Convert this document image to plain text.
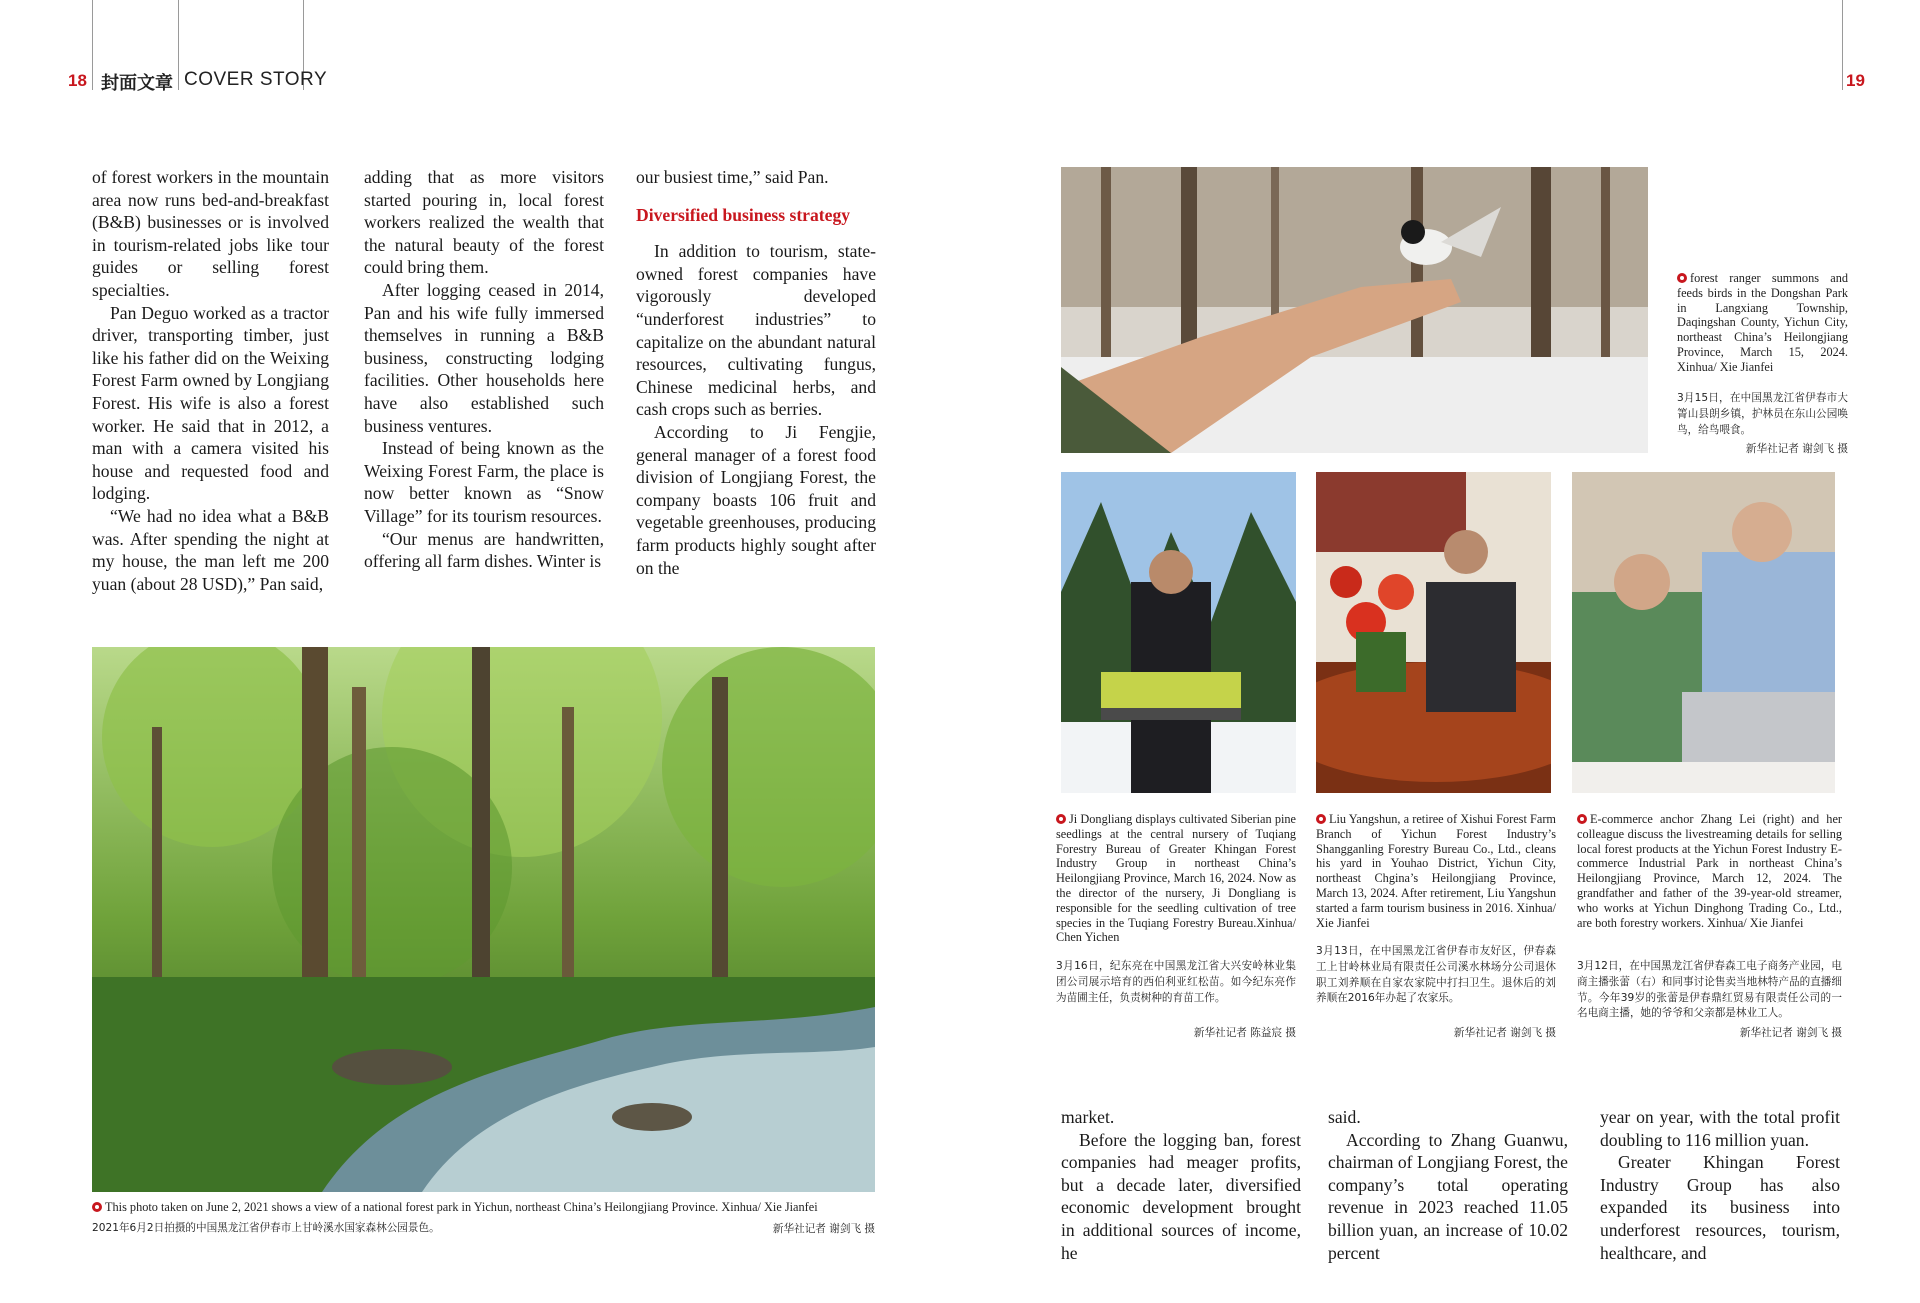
18 封面文章 COVER STORY	19

of forest workers in the mountain area now runs bed-and-breakfast (B&B) businesses or is involved in tourism-related jobs like tour guides or selling forest specialties.

Pan Deguo worked as a tractor driver, transporting timber, just like his father did on the Weixing Forest Farm owned by Longjiang Forest. His wife is also a forest worker. He said that in 2012, a man with a camera visited his house and requested food and lodging.

“We had no idea what a B&B was. After spending the night at my house, the man left me 200 yuan (about 28 USD),” Pan said,

adding that as more visitors started pouring in, local forest workers realized the wealth that the natural beauty of the forest could bring them.

After logging ceased in 2014, Pan and his wife fully immersed themselves in running a B&B business, constructing lodging facilities. Other households here have also established such business ventures.

Instead of being known as the Weixing Forest Farm, the place is now better known as “Snow Village” for its tourism resources.

“Our menus are handwritten, offering all farm dishes. Winter is

our busiest time,” said Pan.

Diversified business strategy

In addition to tourism, state-owned forest companies have vigorously developed “underforest industries” to capitalize on the abundant natural resources, cultivating fungus, Chinese medicinal herbs, and cash crops such as berries.

According to Ji Fengjie, general manager of a forest food division of Longjiang Forest, the company boasts 106 fruit and vegetable greenhouses, producing farm products highly sought after on the

This photo taken on June 2, 2021 shows a view of a national forest park in Yichun, northeast China’s Heilongjiang Province. Xinhua/ Xie Jianfei
2021年6月2日拍摄的中国黑龙江省伊春市上甘岭溪水国家森林公园景色。	新华社记者 谢剑飞 摄
forest ranger summons and feeds birds in the Dongshan Park in Langxiang Township, Daqingshan County, Yichun City, northeast China’s Heilongjiang Province, March 15, 2024. Xinhua/ Xie Jianfei
3月15日，在中国黑龙江省伊春市大箐山县朗乡镇，护林员在东山公园唤鸟，给鸟喂食。
新华社记者 谢剑飞 摄
Ji Dongliang displays cultivated Siberian pine seedlings at the central nursery of Tuqiang Forestry Bureau of Greater Khingan Forest Industry Group in northeast China’s Heilongjiang Province, March 16, 2024. Now as the director of the nursery, Ji Dongliang is responsible for the seedling cultivation of tree species in the Tuqiang Forestry Bureau.Xinhua/ Chen Yichen
3月16日，纪东亮在中国黑龙江省大兴安岭林业集团公司展示培育的西伯利亚红松苗。如今纪东亮作为苗圃主任，负责树种的育苗工作。
新华社记者 陈益宸 摄
Liu Yangshun, a retiree of Xishui Forest Farm Branch of Yichun Forest Industry’s Shangganling Forestry Bureau Co., Ltd., cleans his yard in Youhao District, Yichun City, northeast Chgina’s Heilongjiang Province, March 13, 2024. After retirement, Liu Yangshun started a farm tourism business in 2016. Xinhua/ Xie Jianfei
3月13日，在中国黑龙江省伊春市友好区，伊春森工上甘岭林业局有限责任公司溪水林场分公司退休职工刘养顺在自家农家院中打扫卫生。退休后的刘养顺在2016年办起了农家乐。
新华社记者 谢剑飞 摄
E-commerce anchor Zhang Lei (right) and her colleague discuss the livestreaming details for selling local forest products at the Yichun Forest Industry E-commerce Industrial Park in northeast China’s Heilongjiang Province, March 12, 2024. The grandfather and father of the 39-year-old streamer, who works at Yichun Dinghong Trading Co., Ltd., are both forestry workers. Xinhua/ Xie Jianfei
3月12日，在中国黑龙江省伊春森工电子商务产业园，电商主播张蕾（右）和同事讨论售卖当地林特产品的直播细节。今年39岁的张蕾是伊春鼎红贸易有限责任公司的一名电商主播，她的爷爷和父亲都是林业工人。
新华社记者 谢剑飞 摄

market.

Before the logging ban, forest companies had meager profits, but a decade later, diversified economic development brought in additional sources of income, he

said.

According to Zhang Guanwu, chairman of Longjiang Forest, the company’s total operating revenue in 2023 reached 11.05 billion yuan, an increase of 10.02 percent

year on year, with the total profit doubling to 116 million yuan.

Greater Khingan Forest Industry Group has also expanded its business into underforest resources, tourism, healthcare, and
